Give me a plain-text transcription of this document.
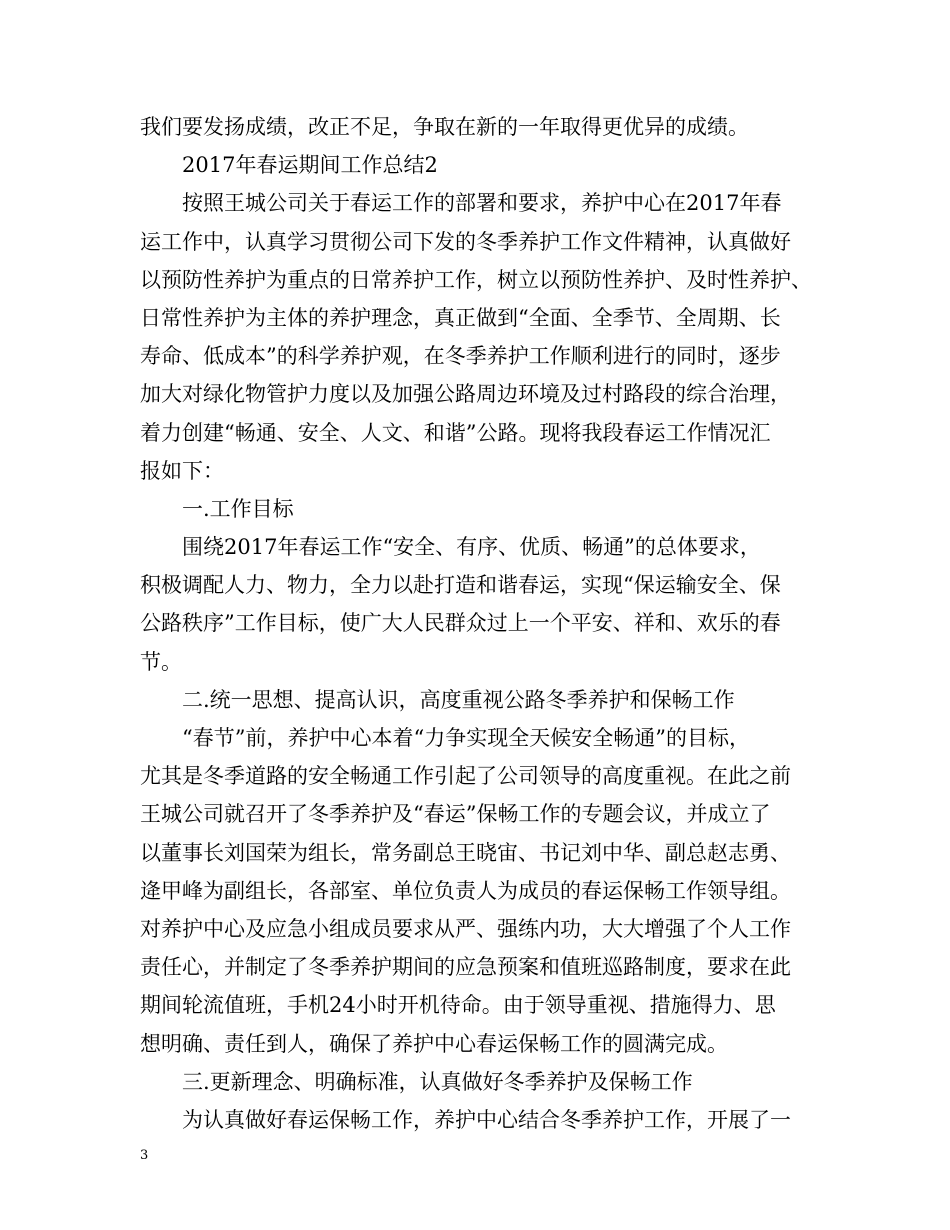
我们要发扬成绩，改正不足，争取在新的一年取得更优异的成绩。
2017年春运期间工作总结2
按照王城公司关于春运工作的部署和要求，养护中心在2017年春
运工作中，认真学习贯彻公司下发的冬季养护工作文件精神，认真做好
以预防性养护为重点的日常养护工作，树立以预防性养护、及时性养护、
日常性养护为主体的养护理念，真正做到“全面、全季节、全周期、长
寿命、低成本”的科学养护观，在冬季养护工作顺利进行的同时，逐步
加大对绿化物管护力度以及加强公路周边环境及过村路段的综合治理，
着力创建“畅通、安全、人文、和谐”公路。现将我段春运工作情况汇
报如下：
一.工作目标
围绕2017年春运工作“安全、有序、优质、畅通”的总体要求，
积极调配人力、物力，全力以赴打造和谐春运，实现“保运输安全、保
公路秩序”工作目标，使广大人民群众过上一个平安、祥和、欢乐的春
节。
二.统一思想、提高认识，高度重视公路冬季养护和保畅工作
“春节”前，养护中心本着“力争实现全天候安全畅通”的目标，
尤其是冬季道路的安全畅通工作引起了公司领导的高度重视。在此之前
王城公司就召开了冬季养护及“春运”保畅工作的专题会议，并成立了
以董事长刘国荣为组长，常务副总王晓宙、书记刘中华、副总赵志勇、
逄甲峰为副组长，各部室、单位负责人为成员的春运保畅工作领导组。
对养护中心及应急小组成员要求从严、强练内功，大大增强了个人工作
责任心，并制定了冬季养护期间的应急预案和值班巡路制度，要求在此
期间轮流值班，手机24小时开机待命。由于领导重视、措施得力、思
想明确、责任到人，确保了养护中心春运保畅工作的圆满完成。
三.更新理念、明确标准，认真做好冬季养护及保畅工作
为认真做好春运保畅工作，养护中心结合冬季养护工作，开展了一
3
